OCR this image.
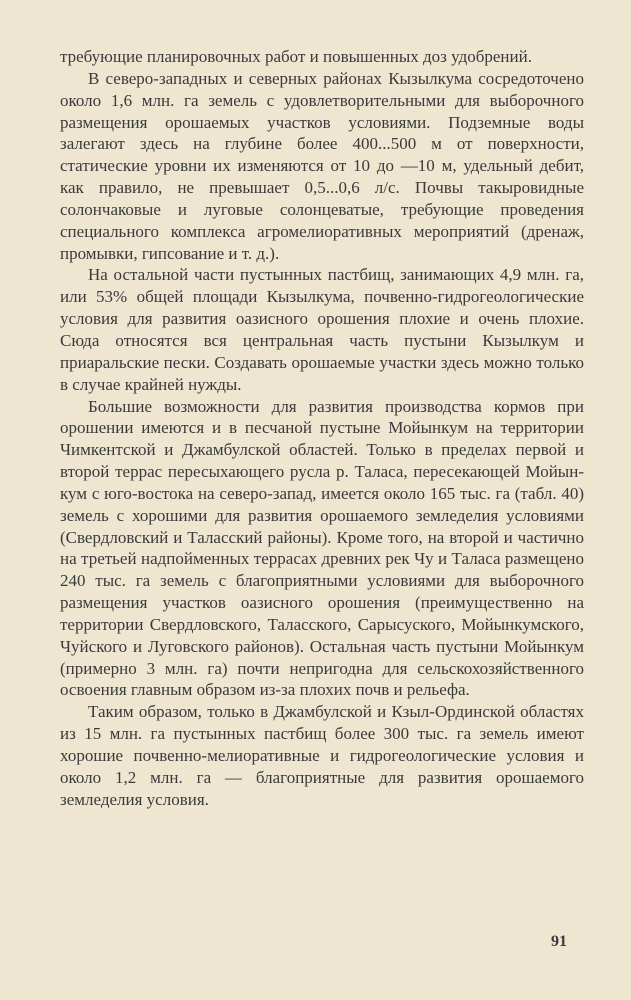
требующие планировочных работ и повышенных доз удобрений.

В северо-западных и северных районах Кызылкума сосредоточено около 1,6 млн. га земель с удовлетворительными для выборочного размещения орошаемых участков условиями. Подземные воды залегают здесь на глубине более 400...500 м от поверхности, статические уровни их изменяются от 10 до —10 м, удельный дебит, как правило, не превышает 0,5...0,6 л/с. Почвы такыровидные солончаковые и луговые солонцеватые, требующие проведения специального комплекса агромелиоративных мероприятий (дренаж, промывки, гипсование и т. д.).

На остальной части пустынных пастбищ, занимающих 4,9 млн. га, или 53% общей площади Кызылкума, почвенно-гидрогеологические условия для развития оазисного орошения плохие и очень плохие. Сюда относятся вся центральная часть пустыни Кызылкум и приаральские пески. Создавать орошаемые участки здесь можно только в случае крайней нужды.

Большие возможности для развития производства кормов при орошении имеются и в песчаной пустыне Мойынкум на территории Чимкентской и Джамбулской областей. Только в пределах первой и второй террас пересыхающего русла р. Таласа, пересекающей Мойынкум с юго-востока на северо-запад, имеется около 165 тыс. га (табл. 40) земель с хорошими для развития орошаемого земледелия условиями (Свердловский и Таласский районы). Кроме того, на второй и частично на третьей надпойменных террасах древних рек Чу и Таласа размещено 240 тыс. га земель с благоприятными условиями для выборочного размещения участков оазисного орошения (преимущественно на территории Свердловского, Таласского, Сарысуского, Мойынкумского, Чуйского и Луговского районов). Остальная часть пустыни Мойынкум (примерно 3 млн. га) почти непригодна для сельскохозяйственного освоения главным образом из-за плохих почв и рельефа.

Таким образом, только в Джамбулской и Кзыл-Ординской областях из 15 млн. га пустынных пастбищ более 300 тыс. га земель имеют хорошие почвенно-мелиоративные и гидрогеологические условия и около 1,2 млн. га — благоприятные для развития орошаемого земледелия условия.

91
